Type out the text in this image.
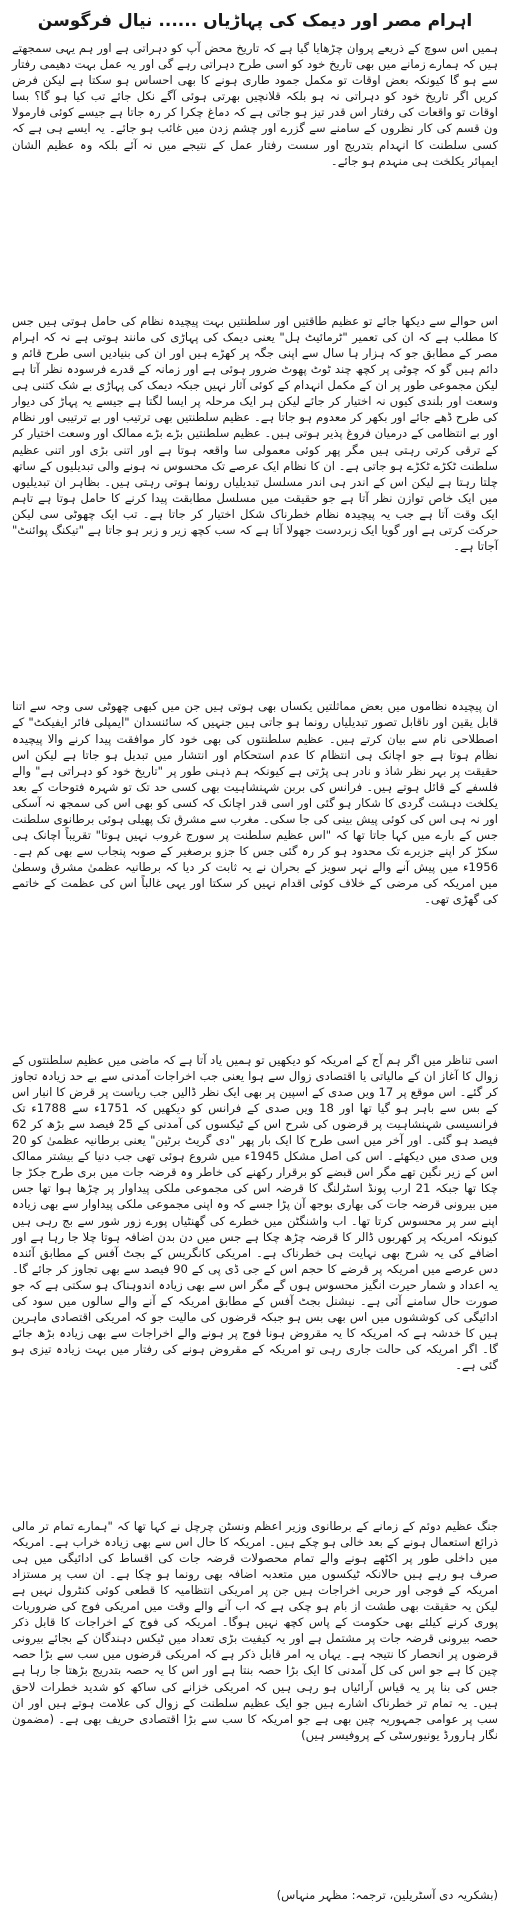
اہرام مصر اور دیمک کی پہاڑیاں......نیال فرگوسن

ہمیں اس سوچ کے ذریعے پروان چڑھایا گیا ہے کہ تاریخ محض آپ کو دہراتی ہے اور ہم یہی سمجھتے ہیں کہ ہمارے زمانے میں بھی تاریخ خود کو اسی طرح دہراتی رہے گی اور یہ عمل بہت دھیمی رفتار سے ہو گا کیونکہ بعض اوقات تو مکمل جمود طاری ہونے کا بھی احساس ہو سکتا ہے لیکن فرض کریں اگر تاریخ خود کو دہراتی نہ ہو بلکہ قلانچیں بھرتی ہوئی آگے نکل جائے تب کیا ہو گا؟ بسا اوقات تو واقعات کی رفتار اس قدر تیز ہو جاتی ہے کہ دماغ چکرا کر رہ جاتا ہے جیسے کوئی فارمولا ون قسم کی کار نظروں کے سامنے سے گزرے اور چشم زدن میں غائب ہو جائے۔ یہ ایسے ہی ہے کہ کسی سلطنت کا انہدام بتدریج اور سست رفتار عمل کے نتیجے میں نہ آئے بلکہ وہ عظیم الشان ایمپائر یکلخت ہی منہدم ہو جائے۔

اس حوالے سے دیکھا جائے تو عظیم طاقتیں اور سلطنتیں بہت پیچیدہ نظام کی حامل ہوتی ہیں جس کا مطلب ہے کہ ان کی تعمیر "ٹرمائیٹ ہل" یعنی دیمک کی پہاڑی کی مانند ہوتی ہے نہ کہ اہرام مصر کے مطابق جو کہ ہزار ہا سال سے اپنی جگہ پر کھڑے ہیں اور ان کی بنیادیں اسی طرح قائم و دائم ہیں گو کہ چوٹی پر کچھ چند ٹوٹ پھوٹ ضرور ہوئی ہے اور زمانہ کے قدرے فرسودہ نظر آتا ہے لیکن مجموعی طور پر ان کے مکمل انہدام کے کوئی آثار نہیں جبکہ دیمک کی پہاڑی بے شک کتنی ہی وسعت اور بلندی کیوں نہ اختیار کر جائے لیکن ہر ایک مرحلہ پر ایسا لگتا ہے جیسے یہ پہاڑ کی دیوار کی طرح ڈھے جائے اور بکھر کر معدوم ہو جاتا ہے۔ عظیم سلطنتیں بھی ترتیب اور بے ترتیبی اور نظام اور بے انتظامی کے درمیان فروغ پذیر ہوتی ہیں۔ عظیم سلطنتیں بڑے بڑے ممالک اور وسعت اختیار کر کے ترقی کرتی رہتی ہیں مگر پھر کوئی معمولی سا واقعہ ہوتا ہے اور اتنی بڑی اور اتنی عظیم سلطنت ٹکڑے ٹکڑے ہو جاتی ہے۔ ان کا نظام ایک عرصے تک محسوس نہ ہونے والی تبدیلیوں کے ساتھ چلتا رہتا ہے لیکن اس کے اندر ہی اندر مسلسل تبدیلیاں رونما ہوتی رہتی ہیں۔ بظاہر ان تبدیلیوں میں ایک خاص توازن نظر آتا ہے جو حقیقت میں مسلسل مطابقت پیدا کرنے کا حامل ہوتا ہے تاہم ایک وقت آتا ہے جب یہ پیچیدہ نظام خطرناک شکل اختیار کر جاتا ہے۔ تب ایک چھوٹی سی لیکن حرکت کرتی ہے اور گویا ایک زبردست جھولا آتا ہے کہ سب کچھ زیر و زبر ہو جاتا ہے "تیکنگ پوائنٹ" آجاتا ہے۔

ان پیچیدہ نظاموں میں بعض مماثلتیں یکساں بھی ہوتی ہیں جن میں کبھی چھوٹی سی وجہ سے اتنا قابل یقین اور ناقابل تصور تبدیلیاں رونما ہو جاتی ہیں جنہیں کہ سائنسدان "ایمپلی فائر ایفیکٹ" کے اصطلاحی نام سے بیان کرتے ہیں۔ عظیم سلطنتوں کی بھی خود کار موافقت پیدا کرنے والا پیچیدہ نظام ہوتا ہے جو اچانک ہی انتظام کا عدم استحکام اور انتشار میں تبدیل ہو جاتا ہے لیکن اس حقیقت پر بہر نظر شاذ و نادر ہی پڑتی ہے کیونکہ ہم ذہنی طور پر "تاریخ خود کو دہراتی ہے" والے فلسفے کے قائل ہوتے ہیں۔ فرانس کی بربن شہنشاہیت بھی کسی حد تک تو شہرہ فتوحات کے بعد یکلخت دہشت گردی کا شکار ہو گئی اور اسی قدر اچانک کہ کسی کو بھی اس کی سمجھ نہ آسکی اور نہ ہی اس کی کوئی پیش بینی کی جا سکی۔ مغرب سے مشرق تک پھیلی ہوئی برطانوی سلطنت جس کے بارے میں کہا جاتا تھا کہ "اس عظیم سلطنت پر سورج غروب نہیں ہوتا" تقریباً اچانک ہی سکڑ کر اپنے جزیرے تک محدود ہو کر رہ گئی جس کا جزو برصغیر کے صوبہ پنجاب سے بھی کم ہے۔ 1956ء میں پیش آنے والے نہر سویز کے بحران نے یہ ثابت کر دیا کہ برطانیہ عظمیٰ مشرق وسطیٰ میں امریکہ کی مرضی کے خلاف کوئی اقدام نہیں کر سکتا اور یہی غالباً اس کی عظمت کے خاتمے کی گھڑی تھی۔

اسی تناظر میں اگر ہم آج کے امریکہ کو دیکھیں تو ہمیں یاد آتا ہے کہ ماضی میں عظیم سلطنتوں کے زوال کا آغاز ان کے مالیاتی یا اقتصادی زوال سے ہوا یعنی جب اخراجات آمدنی سے بے حد زیادہ تجاوز کر گئے۔ اس موقع پر 17 ویں صدی کے اسپین پر بھی ایک نظر ڈالیں جب ریاست پر قرض کا انبار اس کے بس سے باہر ہو گیا تھا اور 18 ویں صدی کے فرانس کو دیکھیں کہ 1751ء سے 1788ء تک فرانسیسی شہنشاہیت پر قرضوں کی شرح اس کے ٹیکسوں کی آمدنی کے 25 فیصد سے بڑھ کر 62 فیصد ہو گئی۔ اور آخر میں اسی طرح کا ایک بار پھر "دی گریٹ برٹین" یعنی برطانیہ عظمیٰ کو 20 ویں صدی میں دیکھئے۔ اس کی اصل مشکل 1945ء میں شروع ہوئی تھی جب دنیا کے بیشتر ممالک اس کے زیر نگین تھے مگر اس قبضے کو برقرار رکھنے کی خاطر وہ قرضہ جات میں بری طرح جکڑ جا چکا تھا جبکہ 21 ارب پونڈ اسٹرلنگ کا قرضہ اس کی مجموعی ملکی پیداوار پر چڑھا ہوا تھا جس میں بیرونی قرضہ جات کی بھاری بوجھ آن پڑا جسے کہ وہ اپنی مجموعی ملکی پیداوار سے بھی زیادہ اپنے سر پر محسوس کرتا تھا۔ اب واشنگٹن میں خطرے کی گھنٹیاں پورے زور شور سے بج رہی ہیں کیونکہ امریکہ پر کھربوں ڈالر کا قرضہ چڑھ چکا ہے جس میں دن بدن اضافہ ہوتا چلا جا رہا ہے اور اضافے کی یہ شرح بھی نہایت ہی خطرناک ہے۔ امریکی کانگریس کے بجٹ آفس کے مطابق آئندہ دس عرصے میں امریکہ پر قرضے کا حجم اس کے جی ڈی پی کے 90 فیصد سے بھی تجاوز کر جائے گا۔ یہ اعداد و شمار حیرت انگیز محسوس ہوں گے مگر اس سے بھی زیادہ اندوہناک ہو سکتی ہے کہ جو صورت حال سامنے آئی ہے۔ نیشنل بجٹ آفس کے مطابق امریکہ کے آنے والے سالوں میں سود کی ادائیگی کی کوششوں میں اس بھی بس ہو جبکہ قرضوں کی مالیت جو کہ امریکی اقتصادی ماہرین ہیں کا خدشہ ہے کہ امریکہ کا یہ مقروض ہونا فوج پر ہونے والے اخراجات سے بھی زیادہ بڑھ جائے گا۔ اگر امریکہ کی حالت جاری رہی تو امریکہ کے مقروض ہونے کی رفتار میں بہت زیادہ تیزی ہو گئی ہے۔

جنگ عظیم دوئم کے زمانے کے برطانوی وزیر اعظم ونسٹن چرچل نے کہا تھا کہ "ہمارے تمام تر مالی ذرائع استعمال ہونے کے بعد خالی ہو چکے ہیں۔ امریکہ کا حال اس سے بھی زیادہ خراب ہے۔ امریکہ میں داخلی طور پر اکٹھے ہونے والے تمام محصولات قرضہ جات کی اقساط کی ادائیگی میں ہی صرف ہو رہے ہیں حالانکہ ٹیکسوں میں متعدبہ اضافہ بھی رونما ہو چکا ہے۔ ان سب پر مستزاد امریکہ کے فوجی اور حربی اخراجات ہیں جن پر امریکی انتظامیہ کا قطعی کوئی کنٹرول نہیں ہے لیکن یہ حقیقت بھی طشت از بام ہو چکی ہے کہ اب آنے والے وقت میں امریکی فوج کی ضروریات پوری کرنے کیلئے بھی حکومت کے پاس کچھ نہیں ہوگا۔ امریکہ کی فوج کے اخراجات کا قابل ذکر حصہ بیرونی قرضہ جات پر مشتمل ہے اور یہ کیفیت بڑی تعداد میں ٹیکس دہندگان کے بجائے بیرونی قرضوں پر انحصار کا نتیجہ ہے۔ یہاں یہ امر قابل ذکر ہے کہ امریکی قرضوں میں سب سے بڑا حصہ چین کا ہے جو اس کی کل آمدنی کا ایک بڑا حصہ بنتا ہے اور اس کا یہ حصہ بتدریج بڑھتا جا رہا ہے جس کی بنا پر یہ قیاس آرائیاں ہو رہی ہیں کہ امریکی خزانے کی ساکھ کو شدید خطرات لاحق ہیں۔ یہ تمام تر خطرناک اشارے ہیں جو ایک عظیم سلطنت کے زوال کی علامت ہوتے ہیں اور ان سب پر عوامی جمہوریہ چین بھی ہے جو امریکہ کا سب سے بڑا اقتصادی حریف بھی ہے۔ (مضمون نگار ہارورڈ یونیورسٹی کے پروفیسر ہیں)

(بشکریہ دی آسٹریلین، ترجمہ: مظہر منہاس)
